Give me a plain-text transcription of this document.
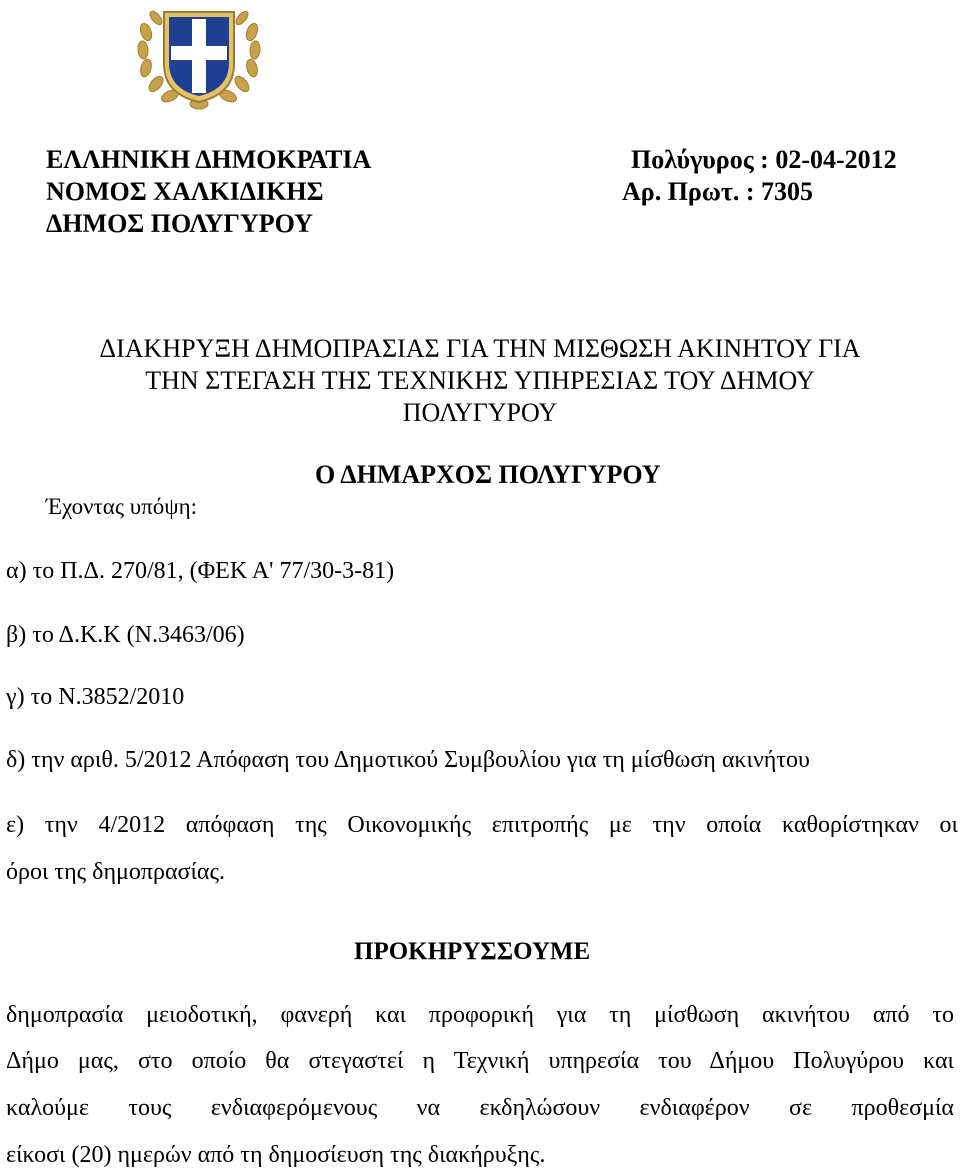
ΕΛΛΗΝΙΚΗ ΔΗΜΟΚΡΑΤΙΑ
ΝΟΜΟΣ ΧΑΛΚΙΔΙΚΗΣ
ΔΗΜΟΣ ΠΟΛΥΓΥΡΟΥ
Πολύγυρος : 02-04-2012
Αρ. Πρωτ. : 7305
ΔΙΑΚΗΡΥΞΗ ΔΗΜΟΠΡΑΣΙΑΣ ΓΙΑ ΤΗΝ ΜΙΣΘΩΣΗ ΑΚΙΝΗΤΟΥ ΓΙΑ
ΤΗΝ ΣΤΕΓΑΣΗ ΤΗΣ ΤΕΧΝΙΚΗΣ ΥΠΗΡΕΣΙΑΣ ΤΟΥ ΔΗΜΟΥ
ΠΟΛΥΓΥΡΟΥ
Ο ΔΗΜΑΡΧΟΣ ΠΟΛΥΓΥΡΟΥ
Έχοντας υπόψη:
α) το Π.Δ. 270/81, (ΦΕΚ Α' 77/30-3-81)
β) το Δ.Κ.Κ (Ν.3463/06)
γ) το Ν.3852/2010
δ) την αριθ. 5/2012 Απόφαση του Δημοτικού Συμβουλίου για τη μίσθωση ακινήτου
ε) την 4/2012 απόφαση της Οικονομικής επιτροπής με την οποία καθορίστηκαν οι
όροι της δημοπρασίας.
ΠΡΟΚΗΡΥΣΣΟΥΜΕ
δημοπρασία μειοδοτική, φανερή και προφορική για τη μίσθωση ακινήτου από το
Δήμο μας, στο οποίο θα στεγαστεί η Τεχνική υπηρεσία του Δήμου Πολυγύρου και
καλούμε τους ενδιαφερόμενους να εκδηλώσουν ενδιαφέρον σε προθεσμία
είκοσι (20) ημερών από τη δημοσίευση της διακήρυξης.
